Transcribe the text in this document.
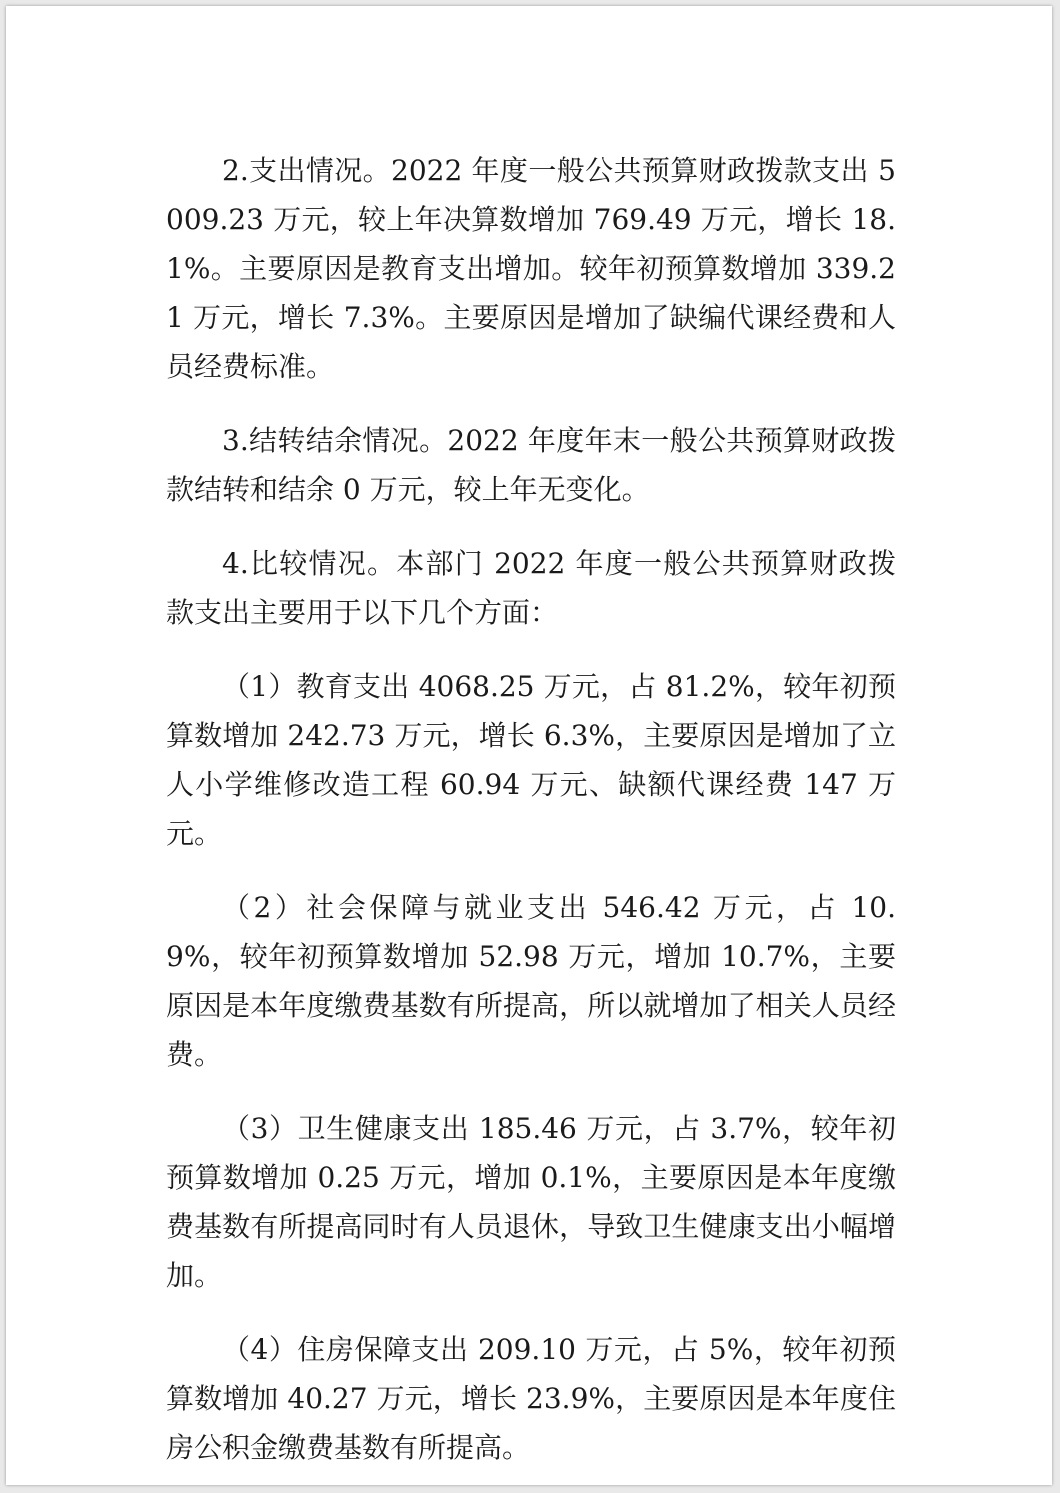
2.支出情况。2022 年度一般公共预算财政拨款支出 5009.23 万元，较上年决算数增加 769.49 万元，增长 18.1%。主要原因是教育支出增加。较年初预算数增加 339.21 万元，增长 7.3%。主要原因是增加了缺编代课经费和人员经费标准。

3.结转结余情况。2022 年度年末一般公共预算财政拨款结转和结余 0 万元，较上年无变化。

4.比较情况。本部门 2022 年度一般公共预算财政拨款支出主要用于以下几个方面：

（1）教育支出 4068.25 万元，占 81.2%，较年初预算数增加 242.73 万元，增长 6.3%，主要原因是增加了立人小学维修改造工程 60.94 万元、缺额代课经费 147 万元。

（2）社会保障与就业支出 546.42 万元，占 10.9%，较年初预算数增加 52.98 万元，增加 10.7%，主要原因是本年度缴费基数有所提高，所以就增加了相关人员经费。

（3）卫生健康支出 185.46 万元，占 3.7%，较年初预算数增加 0.25 万元，增加 0.1%，主要原因是本年度缴费基数有所提高同时有人员退休，导致卫生健康支出小幅增加。

（4）住房保障支出 209.10 万元，占 5%，较年初预算数增加 40.27 万元，增长 23.9%，主要原因是本年度住房公积金缴费基数有所提高。
